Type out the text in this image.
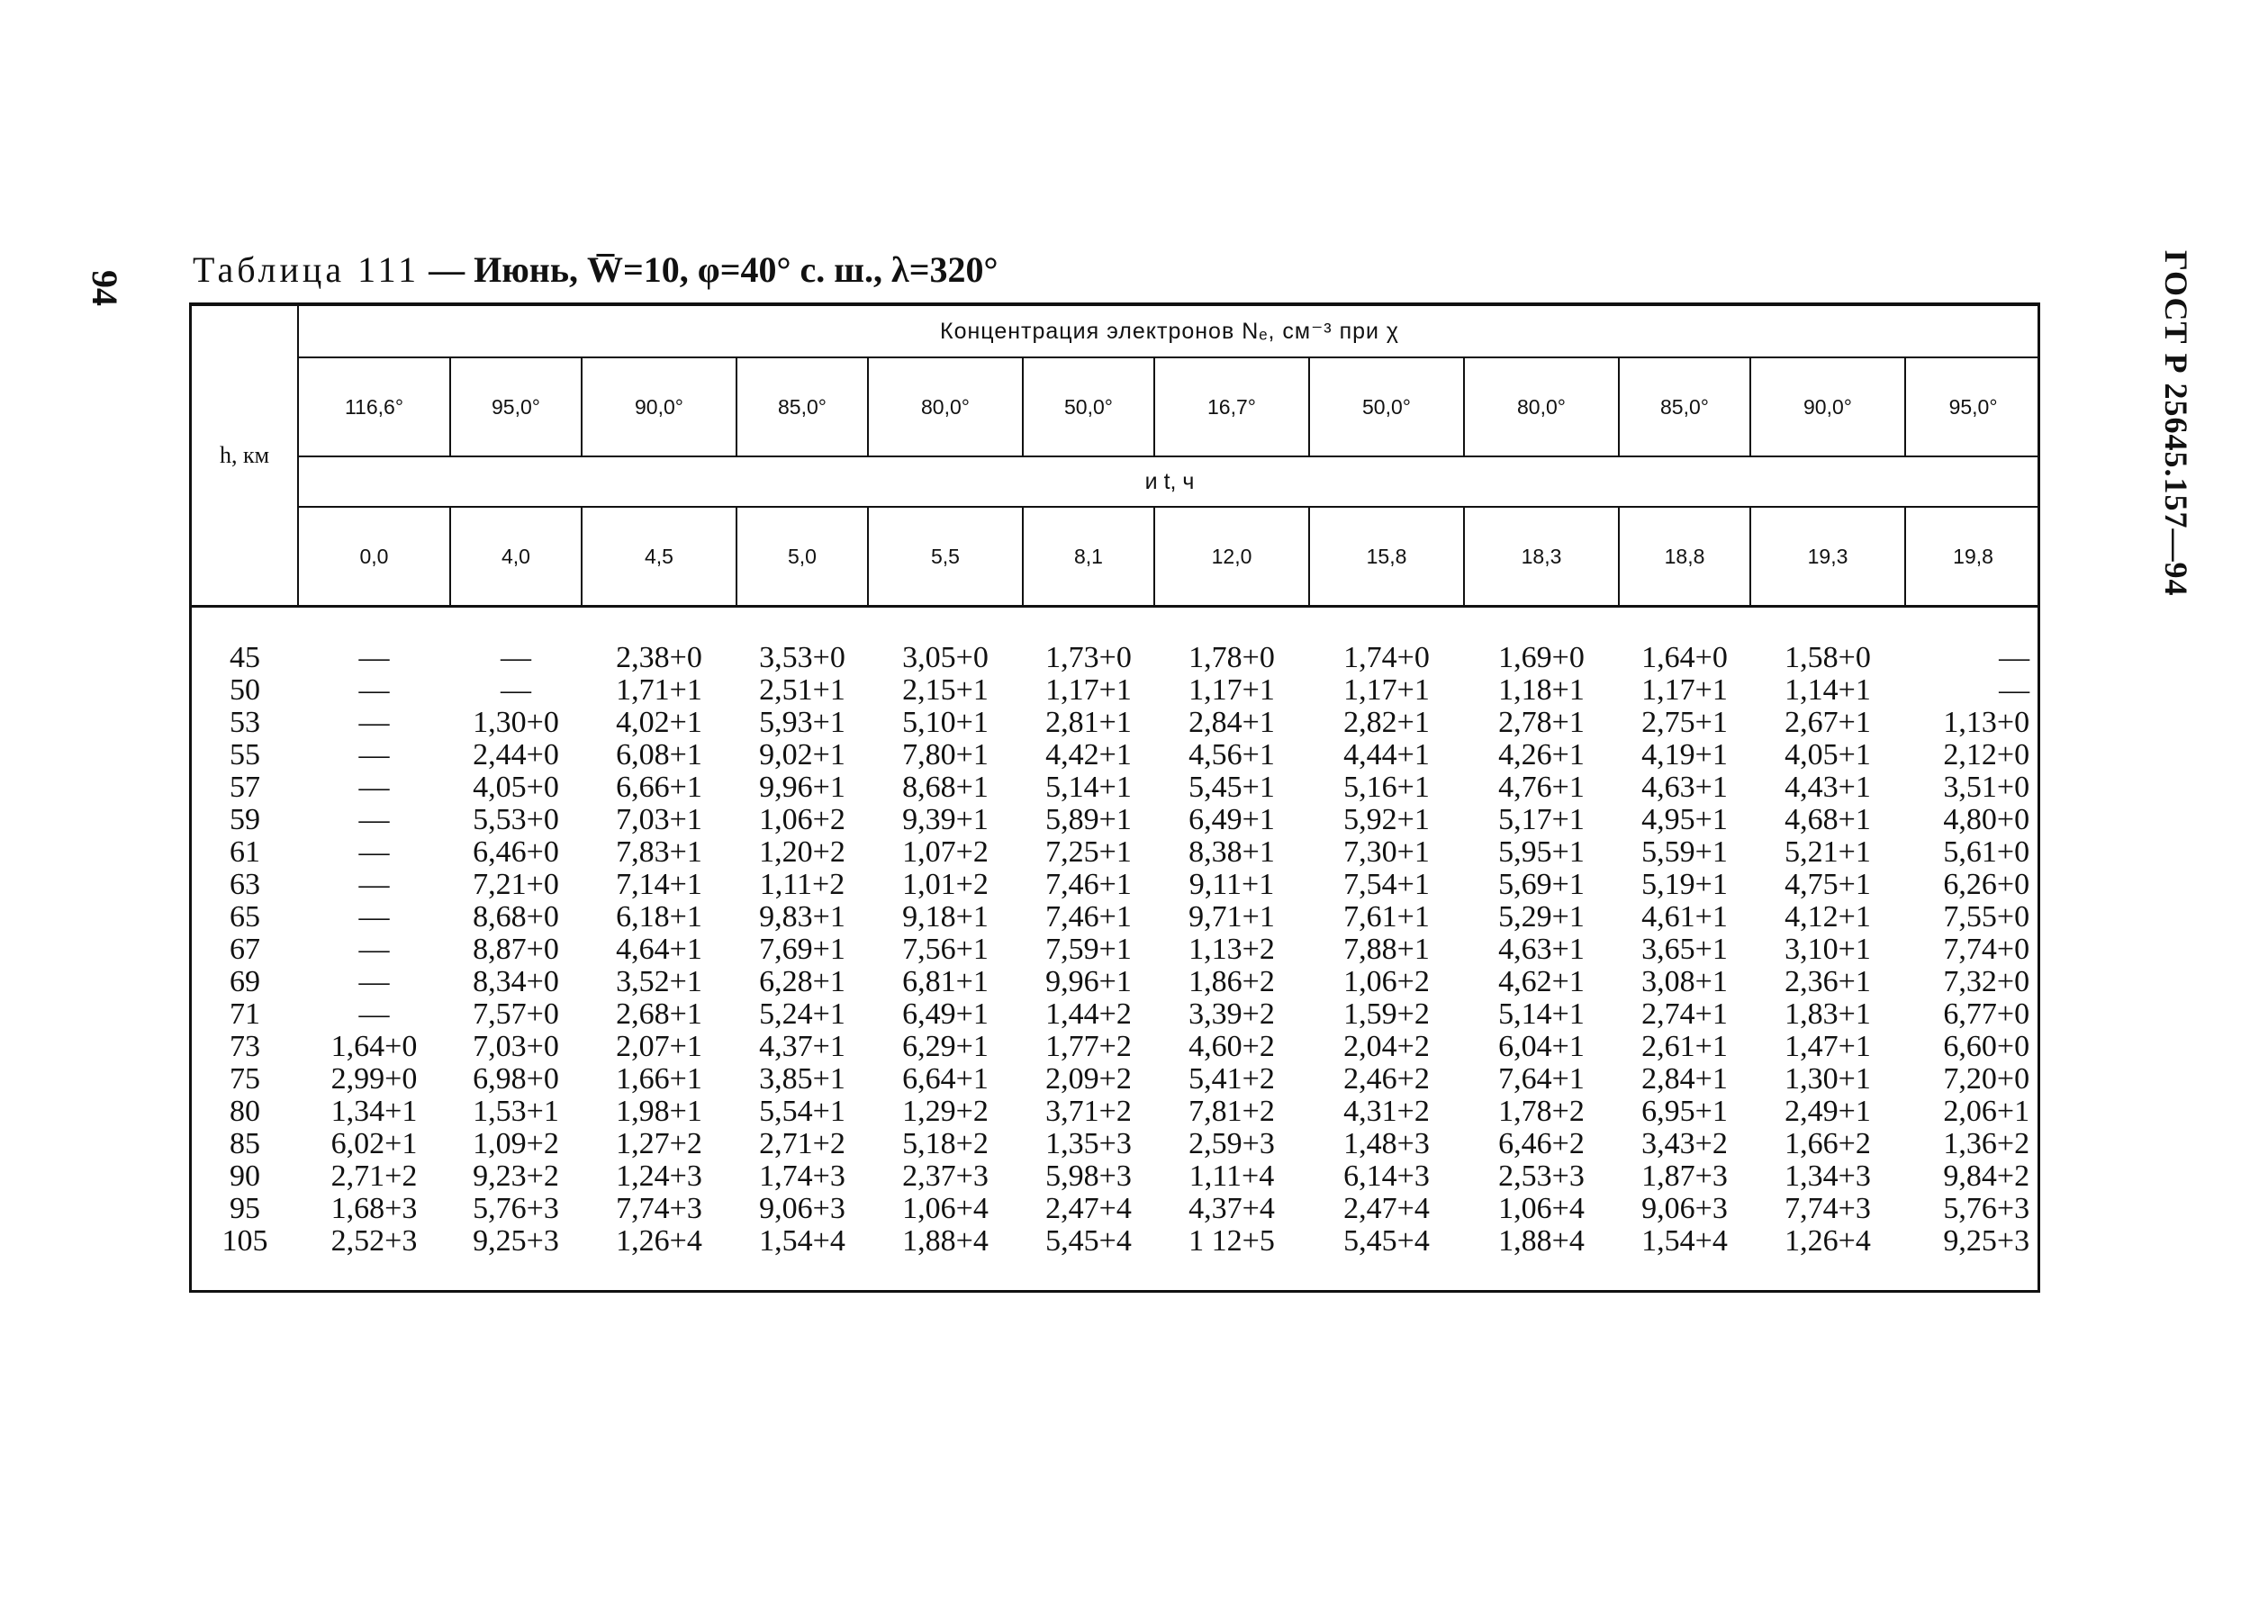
94	ГОСТ Р 25645.157—94
Таблица 111 — Июнь, W̅=10, φ=40° с. ш., λ=320°
h, км	Концентрация электронов Nₑ, см⁻³ при χ											
	116,6°	95,0°	90,0°	85,0°	80,0°	50,0°	16,7°	50,0°	80,0°	85,0°	90,0°	95,0°
	и t, ч											
	0,0	4,0	4,5	5,0	5,5	8,1	12,0	15,8	18,3	18,8	19,3	19,8

45	—	—	2,38+0	3,53+0	3,05+0	1,73+0	1,78+0	1,74+0	1,69+0	1,64+0	1,58+0	—
50	—	—	1,71+1	2,51+1	2,15+1	1,17+1	1,17+1	1,17+1	1,18+1	1,17+1	1,14+1	—
53	—	1,30+0	4,02+1	5,93+1	5,10+1	2,81+1	2,84+1	2,82+1	2,78+1	2,75+1	2,67+1	1,13+0
55	—	2,44+0	6,08+1	9,02+1	7,80+1	4,42+1	4,56+1	4,44+1	4,26+1	4,19+1	4,05+1	2,12+0
57	—	4,05+0	6,66+1	9,96+1	8,68+1	5,14+1	5,45+1	5,16+1	4,76+1	4,63+1	4,43+1	3,51+0
59	—	5,53+0	7,03+1	1,06+2	9,39+1	5,89+1	6,49+1	5,92+1	5,17+1	4,95+1	4,68+1	4,80+0
61	—	6,46+0	7,83+1	1,20+2	1,07+2	7,25+1	8,38+1	7,30+1	5,95+1	5,59+1	5,21+1	5,61+0
63	—	7,21+0	7,14+1	1,11+2	1,01+2	7,46+1	9,11+1	7,54+1	5,69+1	5,19+1	4,75+1	6,26+0
65	—	8,68+0	6,18+1	9,83+1	9,18+1	7,46+1	9,71+1	7,61+1	5,29+1	4,61+1	4,12+1	7,55+0
67	—	8,87+0	4,64+1	7,69+1	7,56+1	7,59+1	1,13+2	7,88+1	4,63+1	3,65+1	3,10+1	7,74+0
69	—	8,34+0	3,52+1	6,28+1	6,81+1	9,96+1	1,86+2	1,06+2	4,62+1	3,08+1	2,36+1	7,32+0
71	—	7,57+0	2,68+1	5,24+1	6,49+1	1,44+2	3,39+2	1,59+2	5,14+1	2,74+1	1,83+1	6,77+0
73	1,64+0	7,03+0	2,07+1	4,37+1	6,29+1	1,77+2	4,60+2	2,04+2	6,04+1	2,61+1	1,47+1	6,60+0
75	2,99+0	6,98+0	1,66+1	3,85+1	6,64+1	2,09+2	5,41+2	2,46+2	7,64+1	2,84+1	1,30+1	7,20+0
80	1,34+1	1,53+1	1,98+1	5,54+1	1,29+2	3,71+2	7,81+2	4,31+2	1,78+2	6,95+1	2,49+1	2,06+1
85	6,02+1	1,09+2	1,27+2	2,71+2	5,18+2	1,35+3	2,59+3	1,48+3	6,46+2	3,43+2	1,66+2	1,36+2
90	2,71+2	9,23+2	1,24+3	1,74+3	2,37+3	5,98+3	1,11+4	6,14+3	2,53+3	1,87+3	1,34+3	9,84+2
95	1,68+3	5,76+3	7,74+3	9,06+3	1,06+4	2,47+4	4,37+4	2,47+4	1,06+4	9,06+3	7,74+3	5,76+3
105	2,52+3	9,25+3	1,26+4	1,54+4	1,88+4	5,45+4	1 12+5	5,45+4	1,88+4	1,54+4	1,26+4	9,25+3
